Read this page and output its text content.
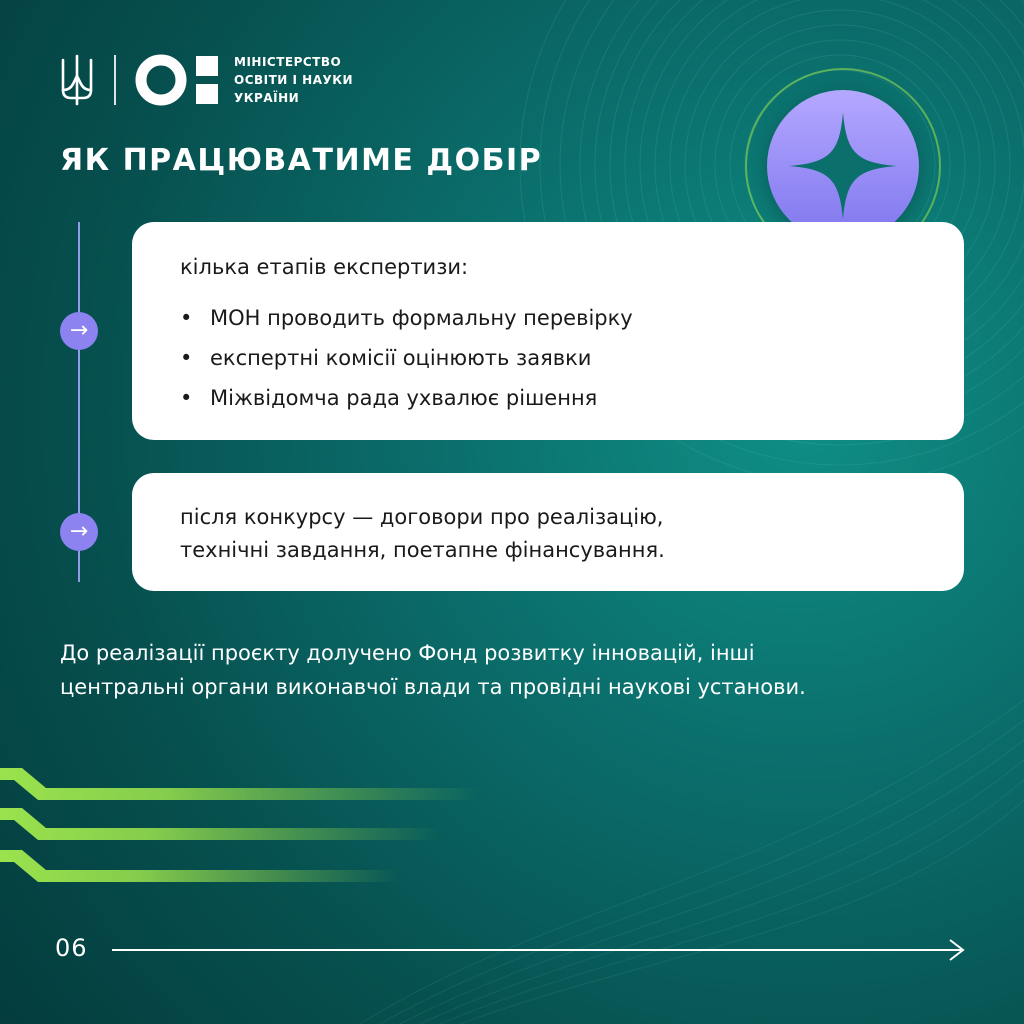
МІНІСТЕРСТВО
ОСВІТИ І НАУКИ
УКРАЇНИ
ЯК ПРАЦЮВАТИМЕ ДОБІР
→
→
кілька етапів експертизи:
• МОН проводить формальну перевірку
• експертні комісії оцінюють заявки
• Міжвідомча рада ухвалює рішення
після конкурсу — договори про реалізацію,
технічні завдання, поетапне фінансування.

До реалізації проєкту долучено Фонд розвитку інновацій, інші
центральні органи виконавчої влади та провідні наукові установи.

06
